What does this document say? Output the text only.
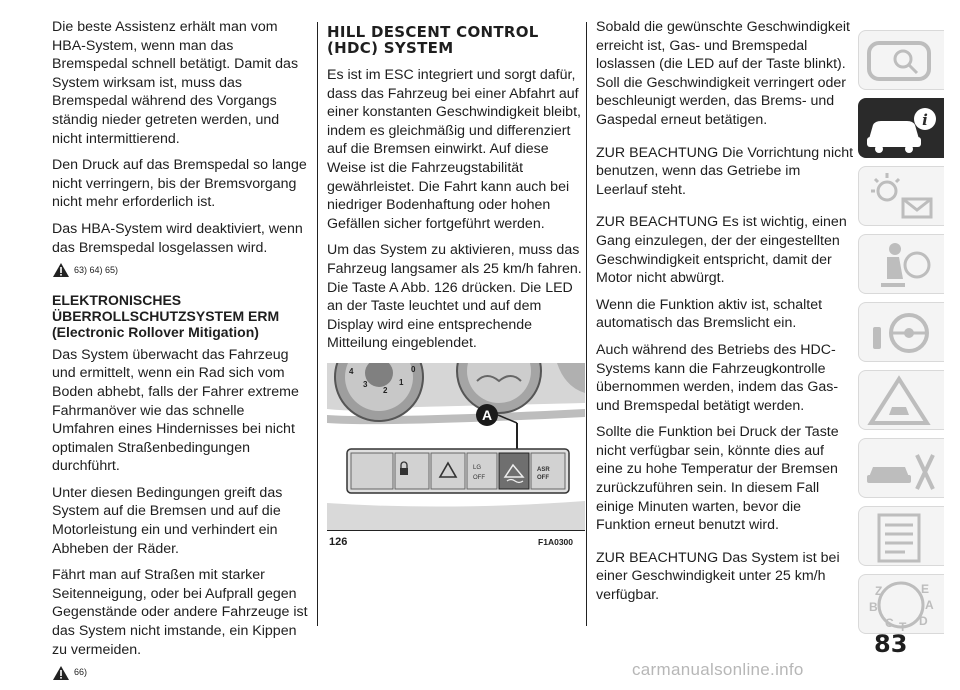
Die beste Assistenz erhält man vom HBA-System, wenn man das Bremspedal schnell betätigt. Damit das System wirksam ist, muss das Bremspedal während des Vorgangs ständig nieder getreten werden, und nicht intermittierend.

Den Druck auf das Bremspedal so lange nicht verringern, bis der Bremsvorgang nicht mehr erforderlich ist.

Das HBA-System wird deaktiviert, wenn das Bremspedal losgelassen wird.

63) 64) 65)
ELEKTRONISCHES ÜBERROLLSCHUTZSYSTEM ERM (Electronic Rollover Mitigation)

Das System überwacht das Fahrzeug und ermittelt, wenn ein Rad sich vom Boden abhebt, falls der Fahrer extreme Fahrmanöver wie das schnelle Umfahren eines Hindernisses bei nicht optimalen Straßenbedingungen durchführt.

Unter diesen Bedingungen greift das System auf die Bremsen und auf die Motorleistung ein und verhindert ein Abheben der Räder.

Fährt man auf Straßen mit starker Seitenneigung, oder bei Aufprall gegen Gegenstände oder andere Fahrzeuge ist das System nicht imstande, ein Kippen zu vermeiden.

66)
HILL DESCENT CONTROL (HDC) SYSTEM

Es ist im ESC integriert und sorgt dafür, dass das Fahrzeug bei einer Abfahrt auf einer konstanten Geschwindigkeit bleibt, indem es gleichmäßig und differenziert auf die Bremsen einwirkt. Auf diese Weise ist die Fahrzeugstabilität gewährleistet. Die Fahrt kann auch bei niedriger Bodenhaftung oder hohen Gefällen sicher fortgeführt werden.

Um das System zu aktivieren, muss das Fahrzeug langsamer als 25 km/h fahren. Die Taste A Abb. 126 drücken. Die LED an der Taste leuchtet und auf dem Display wird eine entsprechende Mitteilung eingeblendet.

4
3
2
1
0
A
LG
OFF
ASR
OFF
126	F1A0300

Sobald die gewünschte Geschwindigkeit erreicht ist, Gas- und Bremspedal loslassen (die LED auf der Taste blinkt). Soll die Geschwindigkeit verringert oder beschleunigt werden, das Brems- und Gaspedal erneut betätigen.

ZUR BEACHTUNG Die Vorrichtung nicht benutzen, wenn das Getriebe im Leerlauf steht.

ZUR BEACHTUNG Es ist wichtig, einen Gang einzulegen, der der eingestellten Geschwindigkeit entspricht, damit der Motor nicht abwürgt.

Wenn die Funktion aktiv ist, schaltet automatisch das Bremslicht ein.

Auch während des Betriebs des HDC-Systems kann die Fahrzeugkontrolle übernommen werden, indem das Gas- und Bremspedal betätigt werden.

Sollte die Funktion bei Druck der Taste nicht verfügbar sein, könnte dies auf eine zu hohe Temperatur der Bremsen zurückzuführen sein. In diesem Fall einige Minuten warten, bevor die Funktion erneut benutzt wird.

ZUR BEACHTUNG Das System ist bei einer Geschwindigkeit unter 25 km/h verfügbar.

i
Z	E
B	A
C D
T
83
carmanualsonline.info
